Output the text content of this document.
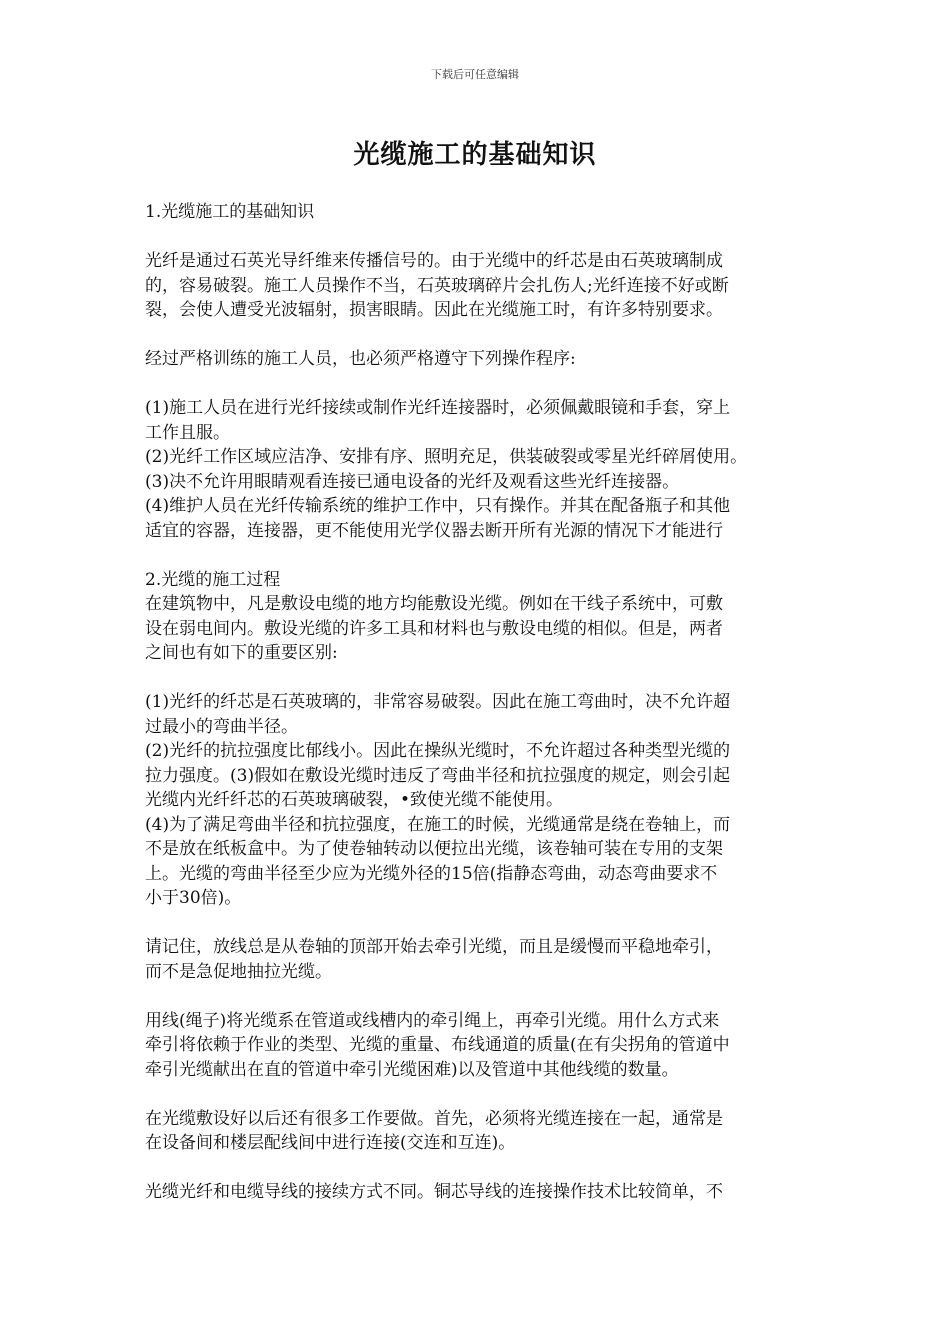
下载后可任意编辑
光缆施工的基础知识
1.光缆施工的基础知识
光纤是通过石英光导纤维来传播信号的。由于光缆中的纤芯是由石英玻璃制成
的，容易破裂。施工人员操作不当，石英玻璃碎片会扎伤人;光纤连接不好或断
裂，会使人遭受光波辐射，损害眼睛。因此在光缆施工时，有许多特别要求。
经过严格训练的施工人员，也必须严格遵守下列操作程序:
(1)施工人员在进行光纤接续或制作光纤连接器时，必须佩戴眼镜和手套，穿上
工作且服。
(2)光纤工作区域应洁净、安排有序、照明充足，供装破裂或零星光纤碎屑使用。
(3)决不允许用眼睛观看连接已通电设备的光纤及观看这些光纤连接器。
(4)维护人员在光纤传输系统的维护工作中，只有操作。并其在配备瓶子和其他
适宜的容器，连接器，更不能使用光学仪器去断开所有光源的情况下才能进行
2.光缆的施工过程
在建筑物中，凡是敷设电缆的地方均能敷设光缆。例如在干线子系统中，可敷
设在弱电间内。敷设光缆的许多工具和材料也与敷设电缆的相似。但是，两者
之间也有如下的重要区别:
(1)光纤的纤芯是石英玻璃的，非常容易破裂。因此在施工弯曲时，决不允许超
过最小的弯曲半径。
(2)光纤的抗拉强度比郁线小。因此在操纵光缆时，不允许超过各种类型光缆的
拉力强度。(3)假如在敷设光缆时违反了弯曲半径和抗拉强度的规定，则会引起
光缆内光纤纤芯的石英玻璃破裂，•致使光缆不能使用。
(4)为了满足弯曲半径和抗拉强度，在施工的时候，光缆通常是绕在卷轴上，而
不是放在纸板盒中。为了使卷轴转动以便拉出光缆，该卷轴可装在专用的支架
上。光缆的弯曲半径至少应为光缆外径的15倍(指静态弯曲，动态弯曲要求不
小于30倍)。
请记住，放线总是从卷轴的顶部开始去牵引光缆，而且是缓慢而平稳地牵引，
而不是急促地抽拉光缆。
用线(绳子)将光缆系在管道或线槽内的牵引绳上，再牵引光缆。用什么方式来
牵引将依赖于作业的类型、光缆的重量、布线通道的质量(在有尖拐角的管道中
牵引光缆献出在直的管道中牵引光缆困难)以及管道中其他线缆的数量。
在光缆敷设好以后还有很多工作要做。首先，必须将光缆连接在一起，通常是
在设备间和楼层配线间中进行连接(交连和互连)。
光缆光纤和电缆导线的接续方式不同。铜芯导线的连接操作技术比较简单，不
